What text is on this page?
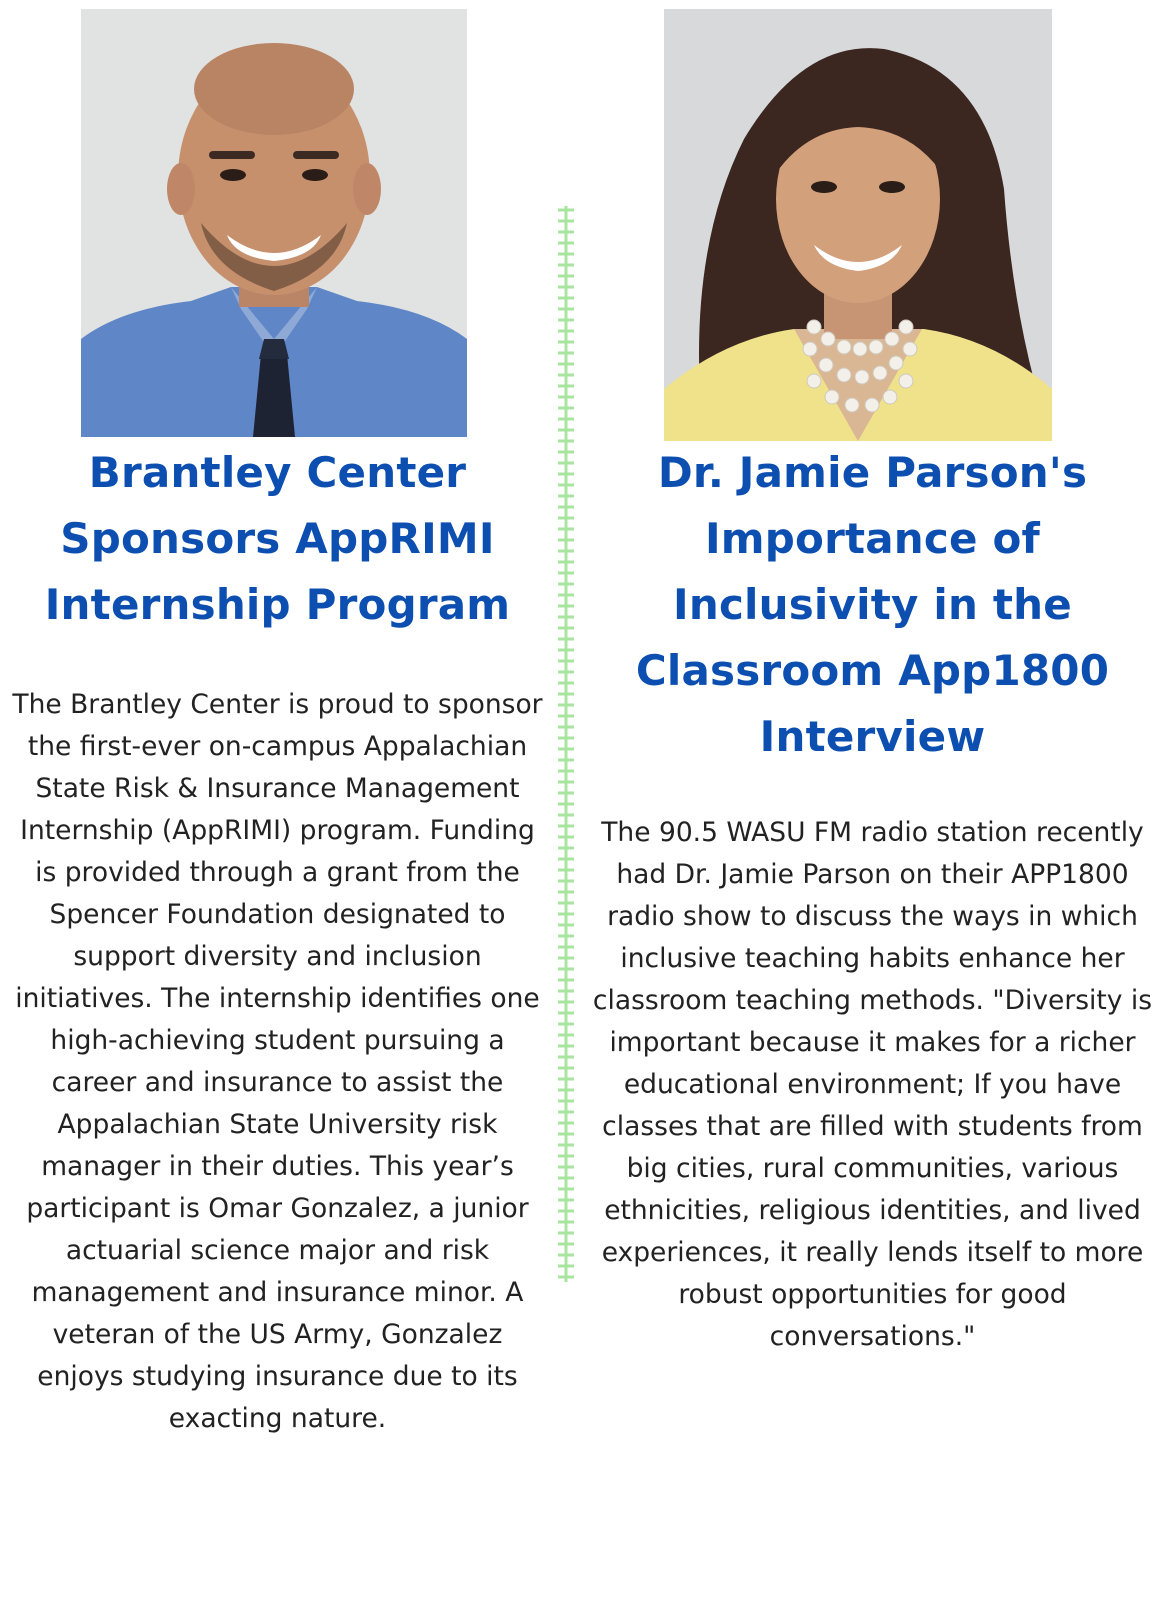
Brantley Center Sponsors AppRIMI Internship Program

The Brantley Center is proud to sponsor the first-ever on-campus Appalachian State Risk & Insurance Management Internship (AppRIMI) program. Funding is provided through a grant from the Spencer Foundation designated to support diversity and inclusion initiatives. The internship identifies one high-achieving student pursuing a career and insurance to assist the Appalachian State University risk manager in their duties. This year’s participant is Omar Gonzalez, a junior actuarial science major and risk management and insurance minor. A veteran of the US Army, Gonzalez enjoys studying insurance due to its exacting nature.

Dr. Jamie Parson's Importance of Inclusivity in the Classroom App1800 Interview

The 90.5 WASU FM radio station recently had Dr. Jamie Parson on their APP1800 radio show to discuss the ways in which inclusive teaching habits enhance her classroom teaching methods. "Diversity is important because it makes for a richer educational environment; If you have classes that are filled with students from big cities, rural communities, various ethnicities, religious identities, and lived experiences, it really lends itself to more robust opportunities for good conversations."
